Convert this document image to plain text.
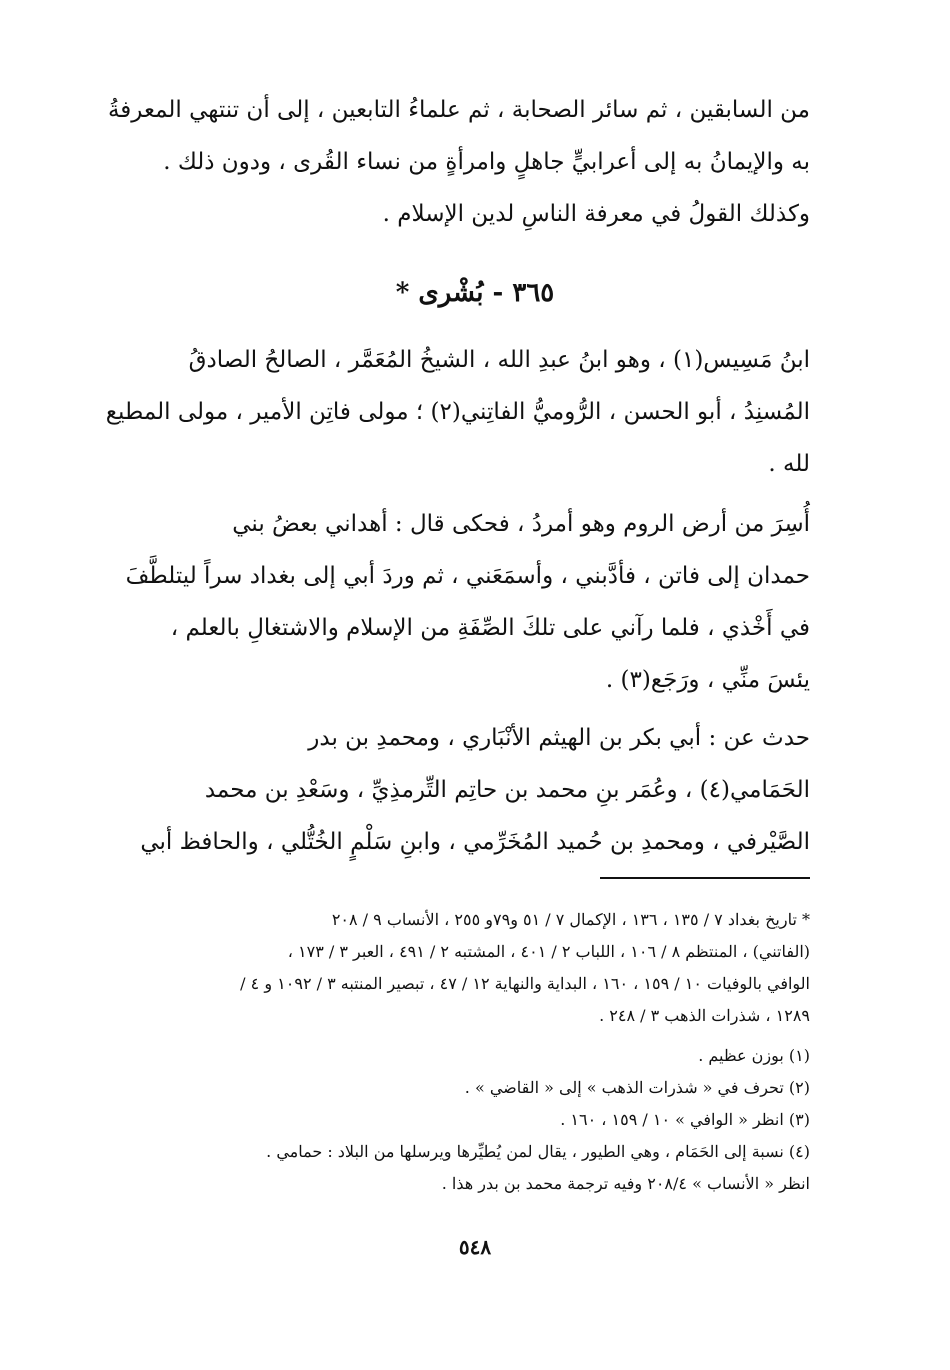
من السابقين ، ثم سائر الصحابة ، ثم علماءُ التابعين ، إلى أن تنتهي المعرفةُ
به والإيمانُ به إلى أعرابيٍّ جاهلٍ وامرأةٍ من نساء القُرى ، ودون ذلك .
وكذلك القولُ في معرفة الناسِ لدين الإسلام .
٣٦٥ - بُشْرى *
ابنُ مَسِيس(١) ، وهو ابنُ عبدِ الله ، الشيخُ المُعَمَّر ، الصالحُ الصادقُ
المُسنِدُ ، أبو الحسن ، الرُّوميُّ الفاتِني(٢) ؛ مولى فاتِن الأمير ، مولى المطيع
لله .
أُسِرَ من أرض الروم وهو أمردُ ، فحكى قال : أهداني بعضُ بني
حمدان إلى فاتن ، فأدَّبني ، وأسمَعَني ، ثم وردَ أبي إلى بغداد سراً ليتلطَّفَ
في أَخْذي ، فلما رآني على تلكَ الصِّفَةِ من الإسلام والاشتغالِ بالعلم ،
يئسَ منِّي ، ورَجَع(٣) .
حدث عن : أبي بكر بن الهيثم الأنْبَاري ، ومحمدِ بن بدر
الحَمَامي(٤) ، وعُمَر بنِ محمد بن حاتِم التِّرمذِيِّ ، وسَعْدِ بن محمد
الصَّيْرفي ، ومحمدِ بن حُميد المُخَرِّمي ، وابنِ سَلْمٍ الخُتُّلي ، والحافظ أبي
* تاريخ بغداد ٧ / ١٣٥ ، ١٣٦ ، الإكمال ٧ / ٥١ و٧٩و ٢٥٥ ، الأنساب ٩ / ٢٠٨
(الفاتني) ، المنتظم ٨ / ١٠٦ ، اللباب ٢ / ٤٠١ ، المشتبه ٢ / ٤٩١ ، العبر ٣ / ١٧٣ ،
الوافي بالوفيات ١٠ / ١٥٩ ، ١٦٠ ، البداية والنهاية ١٢ / ٤٧ ، تبصير المنتبه ٣ / ١٠٩٢ و ٤ /
١٢٨٩ ، شذرات الذهب ٣ / ٢٤٨ .
(١) بوزن عظيم .
(٢) تحرف في « شذرات الذهب » إلى « القاضي » .
(٣) انظر « الوافي » ١٠ / ١٥٩ ، ١٦٠ .
(٤) نسبة إلى الحَمَام ، وهي الطيور ، يقال لمن يُطيِّرها ويرسلها من البلاد : حمامي .
انظر « الأنساب » ٢٠٨/٤ وفيه ترجمة محمد بن بدر هذا .
٥٤٨
